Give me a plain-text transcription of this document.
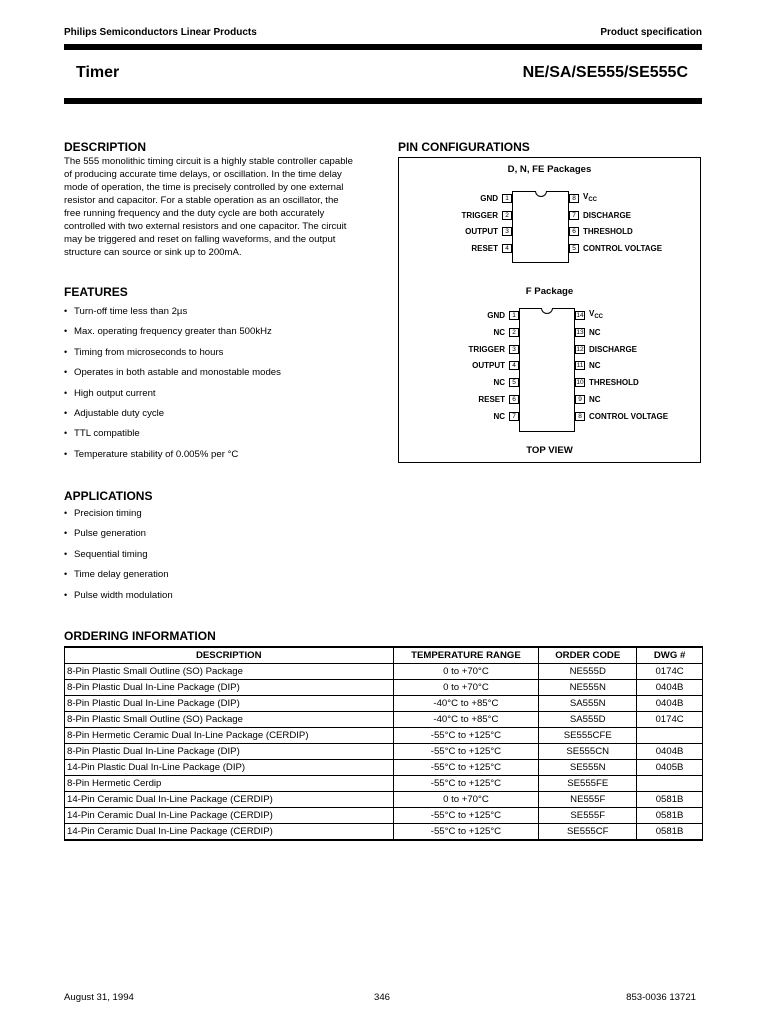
Philips Semiconductors Linear Products	Product specification
Timer	NE/SA/SE555/SE555C
DESCRIPTION
The 555 monolithic timing circuit is a highly stable controller capable
of producing accurate time delays, or oscillation. In the time delay
mode of operation, the time is precisely controlled by one external
resistor and capacitor. For a stable operation as an oscillator, the
free running frequency and the duty cycle are both accurately
controlled with two external resistors and one capacitor. The circuit
may be triggered and reset on falling waveforms, and the output
structure can source or sink up to 200mA.
FEATURES
• Turn-off time less than 2µs
• Max. operating frequency greater than 500kHz
• Timing from microseconds to hours
• Operates in both astable and monostable modes
• High output current
• Adjustable duty cycle
• TTL compatible
• Temperature stability of 0.005% per °C
APPLICATIONS
• Precision timing
• Pulse generation
• Sequential timing
• Time delay generation
• Pulse width modulation
PIN CONFIGURATIONS
D, N, FE Packages
1
GND	8 $V_{CC}$
2
TRIGGER	7 DISCHARGE
3
OUTPUT	6 THRESHOLD
4
RESET	5 CONTROL VOLTAGE
F Package
1
GND	14 $V_{CC}$
2
NC	13 NC
3
TRIGGER	12 DISCHARGE
4
OUTPUT	11 NC
5
NC	10 THRESHOLD
6
RESET	9 NC
7
NC	8 CONTROL VOLTAGE
TOP VIEW
ORDERING INFORMATION
DESCRIPTION	TEMPERATURE RANGE	ORDER CODE	DWG #
8-Pin Plastic Small Outline (SO) Package	0 to +70°C	NE555D	0174C
8-Pin Plastic Dual In-Line Package (DIP)	0 to +70°C	NE555N	0404B
8-Pin Plastic Dual In-Line Package (DIP)	-40°C to +85°C	SA555N	0404B
8-Pin Plastic Small Outline (SO) Package	-40°C to +85°C	SA555D	0174C
8-Pin Hermetic Ceramic Dual In-Line Package (CERDIP)	-55°C to +125°C	SE555CFE	
8-Pin Plastic Dual In-Line Package (DIP)	-55°C to +125°C	SE555CN	0404B
14-Pin Plastic Dual In-Line Package (DIP)	-55°C to +125°C	SE555N	0405B
8-Pin Hermetic Cerdip	-55°C to +125°C	SE555FE	
14-Pin Ceramic Dual In-Line Package (CERDIP)	0 to +70°C	NE555F	0581B
14-Pin Ceramic Dual In-Line Package (CERDIP)	-55°C to +125°C	SE555F	0581B
14-Pin Ceramic Dual In-Line Package (CERDIP)	-55°C to +125°C	SE555CF	0581B
August 31, 1994	346	853-0036 13721
